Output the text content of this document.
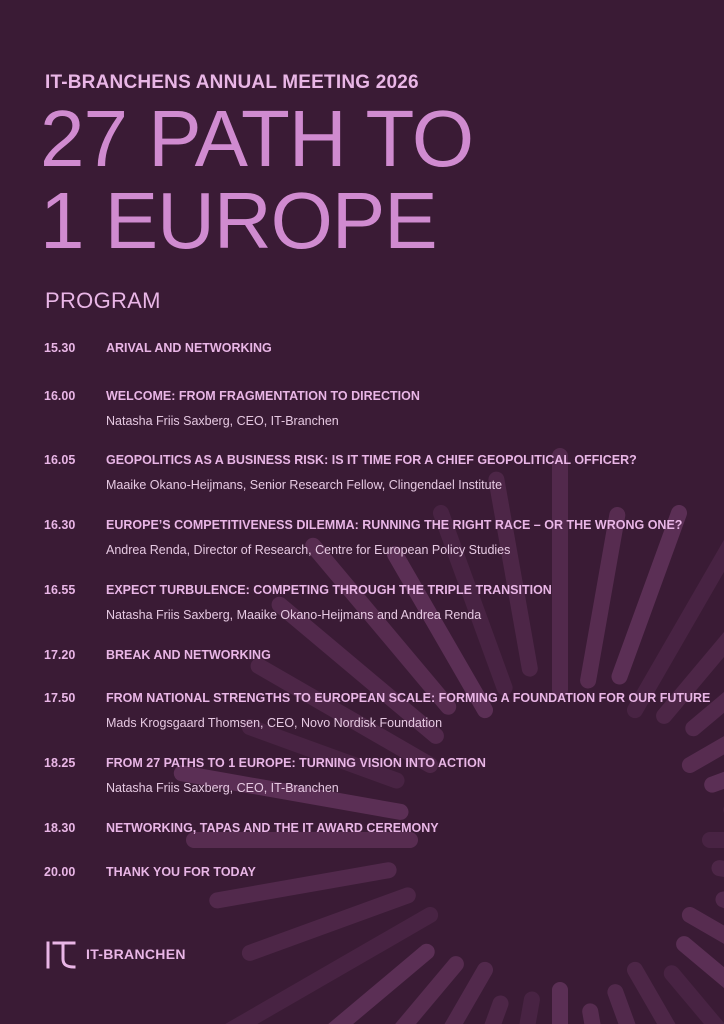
IT-BRANCHENS ANNUAL MEETING 2026
27 PATH TO
1 EUROPE
PROGRAM
15.30 ARIVAL AND NETWORKING
16.00 WELCOME: FROM FRAGMENTATION TO DIRECTION
Natasha Friis Saxberg, CEO, IT-Branchen
16.05 GEOPOLITICS AS A BUSINESS RISK: IS IT TIME FOR A CHIEF GEOPOLITICAL OFFICER?
Maaike Okano-Heijmans, Senior Research Fellow, Clingendael Institute
16.30 EUROPE’S COMPETITIVENESS DILEMMA: RUNNING THE RIGHT RACE – OR THE WRONG ONE?
Andrea Renda, Director of Research, Centre for European Policy Studies
16.55 EXPECT TURBULENCE: COMPETING THROUGH THE TRIPLE TRANSITION
Natasha Friis Saxberg, Maaike Okano-Heijmans and Andrea Renda
17.20 BREAK AND NETWORKING
17.50 FROM NATIONAL STRENGTHS TO EUROPEAN SCALE: FORMING A FOUNDATION FOR OUR FUTURE
Mads Krogsgaard Thomsen, CEO, Novo Nordisk Foundation
18.25 FROM 27 PATHS TO 1 EUROPE: TURNING VISION INTO ACTION
Natasha Friis Saxberg, CEO, IT-Branchen
18.30 NETWORKING, TAPAS AND THE IT AWARD CEREMONY
20.00 THANK YOU FOR TODAY
IT-BRANCHEN
